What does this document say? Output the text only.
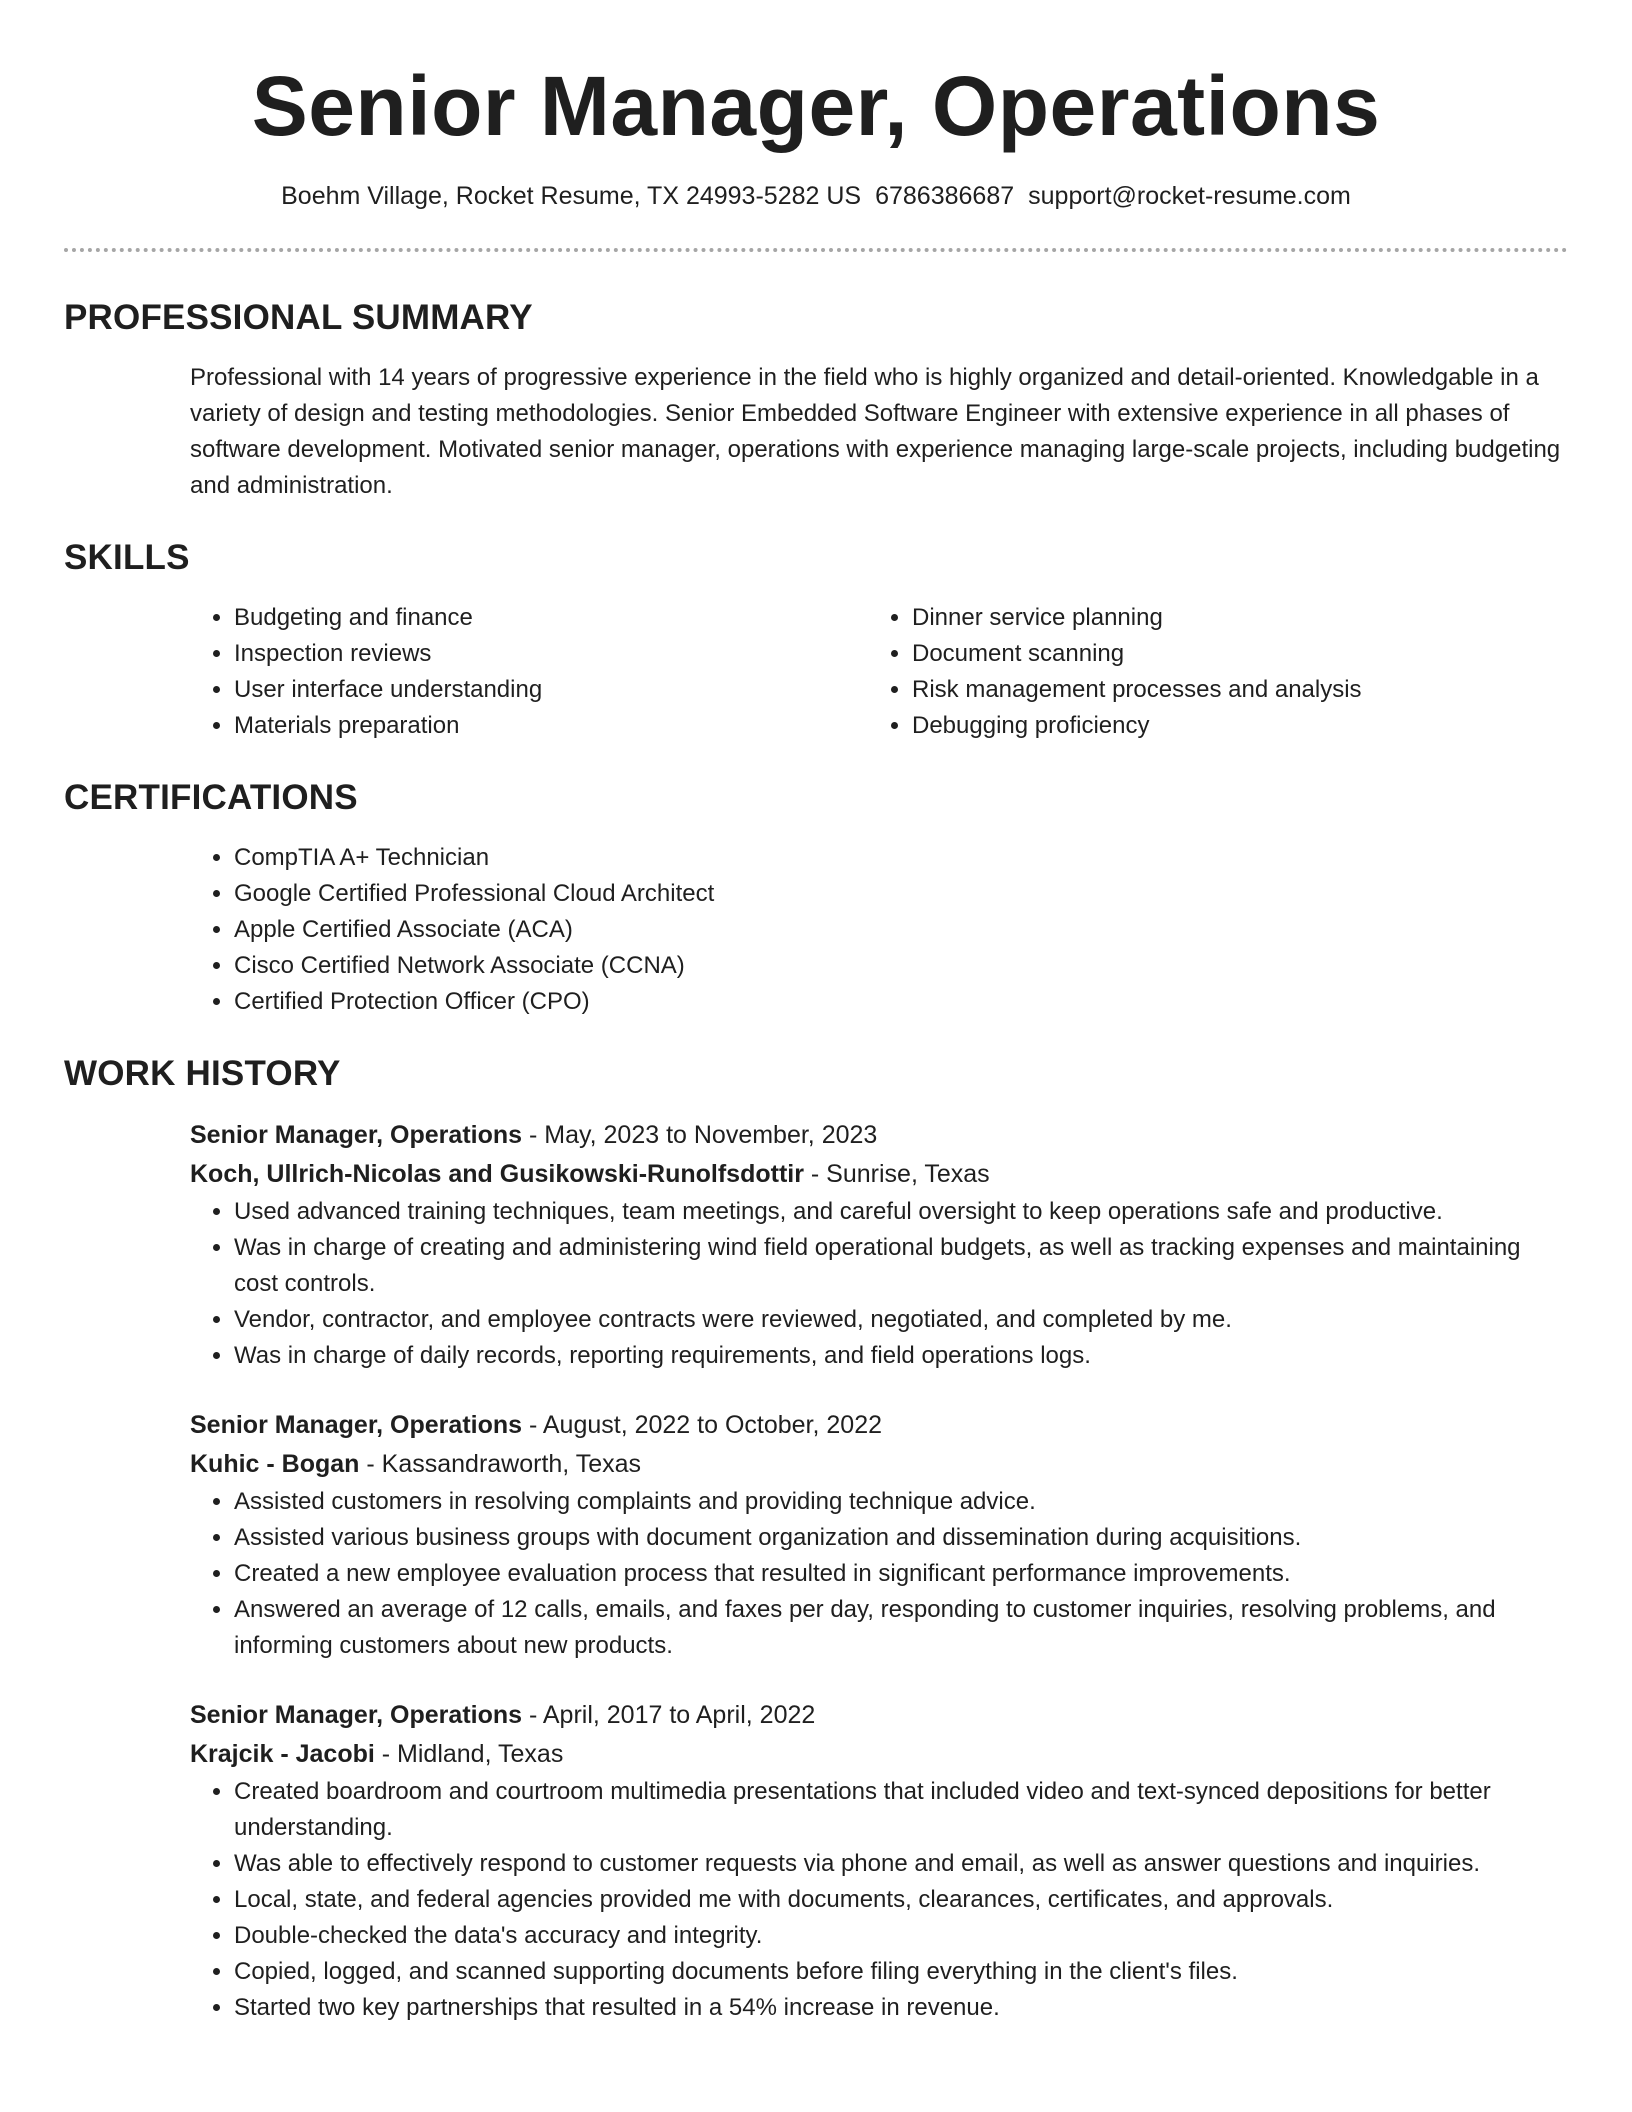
Senior Manager, Operations
Boehm Village, Rocket Resume, TX 24993-5282 US 6786386687 support@rocket-resume.com
PROFESSIONAL SUMMARY

Professional with 14 years of progressive experience in the field who is highly organized and detail-oriented. Knowledgable in a variety of design and testing methodologies. Senior Embedded Software Engineer with extensive experience in all phases of software development. Motivated senior manager, operations with experience managing large-scale projects, including budgeting and administration.

SKILLS
• Budgeting and finance
• Inspection reviews
• User interface understanding
• Materials preparation
• Dinner service planning
• Document scanning
• Risk management processes and analysis
• Debugging proficiency
CERTIFICATIONS
• CompTIA A+ Technician
• Google Certified Professional Cloud Architect
• Apple Certified Associate (ACA)
• Cisco Certified Network Associate (CCNA)
• Certified Protection Officer (CPO)
WORK HISTORY
Senior Manager, Operations - May, 2023 to November, 2023
Koch, Ullrich-Nicolas and Gusikowski-Runolfsdottir - Sunrise, Texas
• Used advanced training techniques, team meetings, and careful oversight to keep operations safe and productive.
• Was in charge of creating and administering wind field operational budgets, as well as tracking expenses and maintaining cost controls.
• Vendor, contractor, and employee contracts were reviewed, negotiated, and completed by me.
• Was in charge of daily records, reporting requirements, and field operations logs.
Senior Manager, Operations - August, 2022 to October, 2022
Kuhic - Bogan - Kassandraworth, Texas
• Assisted customers in resolving complaints and providing technique advice.
• Assisted various business groups with document organization and dissemination during acquisitions.
• Created a new employee evaluation process that resulted in significant performance improvements.
• Answered an average of 12 calls, emails, and faxes per day, responding to customer inquiries, resolving problems, and informing customers about new products.
Senior Manager, Operations - April, 2017 to April, 2022
Krajcik - Jacobi - Midland, Texas
• Created boardroom and courtroom multimedia presentations that included video and text-synced depositions for better understanding.
• Was able to effectively respond to customer requests via phone and email, as well as answer questions and inquiries.
• Local, state, and federal agencies provided me with documents, clearances, certificates, and approvals.
• Double-checked the data's accuracy and integrity.
• Copied, logged, and scanned supporting documents before filing everything in the client's files.
• Started two key partnerships that resulted in a 54% increase in revenue.
